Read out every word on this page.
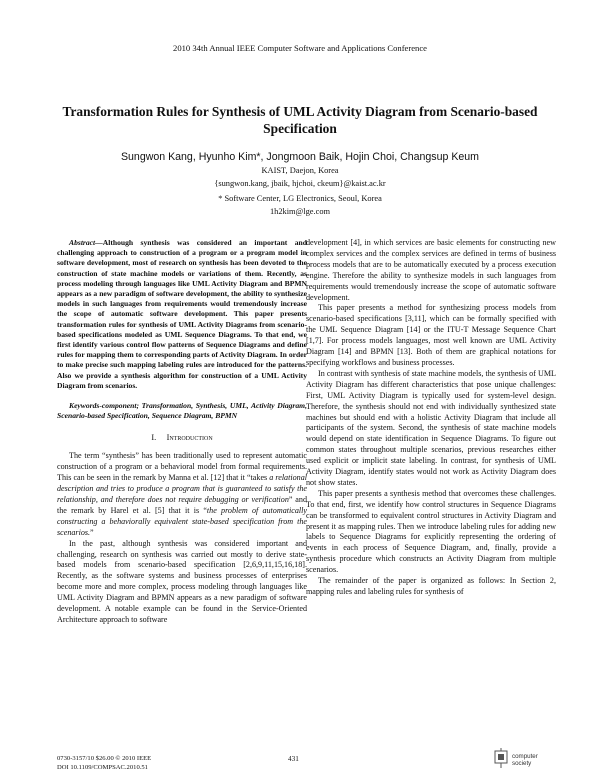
2010 34th Annual IEEE Computer Software and Applications Conference
Transformation Rules for Synthesis of UML Activity Diagram from Scenario-based
Specification
Sungwon Kang, Hyunho Kim*, Jongmoon Baik, Hojin Choi, Changsup Keum
KAIST, Daejon, Korea
{sungwon.kang, jbaik, hjchoi, ckeum}@kaist.ac.kr
* Software Center, LG Electronics, Seoul, Korea
1h2kim@lge.com

Abstract—Although synthesis was considered an important and challenging approach to construction of a program or a program model in software development, most of research on synthesis has been devoted to the construction of state machine models or variations of them. Recently, as process modeling through languages like UML Activity Diagram and BPMN appears as a new paradigm of software development, the ability to synthesize models in such languages from requirements would tremendously increase the scope of automatic software development. This paper presents transformation rules for synthesis of UML Activity Diagrams from scenario-based specifications modeled as UML Sequence Diagrams. To that end, we first identify various control flow patterns of Sequence Diagrams and define rules for mapping them to corresponding parts of Activity Diagram. In order to make precise such mapping labeling rules are introduced for the patterns. Also we provide a synthesis algorithm for construction of a UML Activity Diagram from scenarios.

Keywords-component; Transformation, Synthesis, UML, Activity Diagram, Scenario-based Specification, Sequence Diagram, BPMN

I. Introduction

The term “synthesis” has been traditionally used to represent automatic construction of a program or a behavioral model from formal requirements. This can be seen in the remark by Manna et al. [12] that it “takes a relational description and tries to produce a program that is guaranteed to satisfy the relationship, and therefore does not require debugging or verification” and the remark by Harel et al. [5] that it is “the problem of automatically constructing a behaviorally equivalent state-based specification from the scenarios.”

In the past, although synthesis was considered important and challenging, research on synthesis was carried out mostly to derive state-based models from scenario-based specification [2,6,9,11,15,16,18]. Recently, as the software systems and business processes of enterprises become more and more complex, process modeling through languages like UML Activity Diagram and BPMN appears as a new paradigm of software development. A notable example can be found in the Service-Oriented Architecture approach to software

development [4], in which services are basic elements for constructing new complex services and the complex services are defined in terms of business process models that are to be automatically executed by a process execution engine. Therefore the ability to synthesize models in such languages from requirements would tremendously increase the scope of automatic software development.

This paper presents a method for synthesizing process models from scenario-based specifications [3,11], which can be formally specified with the UML Sequence Diagram [14] or the ITU-T Message Sequence Chart [1,7]. For process models languages, most well known are UML Activity Diagram [14] and BPMN [13]. Both of them are graphical notations for specifying workflows and business processes.

In contrast with synthesis of state machine models, the synthesis of UML Activity Diagram has different characteristics that pose unique challenges: First, UML Activity Diagram is typically used for system-level design. Therefore, the synthesis should not end with individually synthesized state machines but should end with a holistic Activity Diagram that include all participants of the system. Second, the synthesis of state machine models would depend on state identification in Sequence Diagrams. To figure out common states throughout multiple scenarios, previous researches either used explicit or implicit state labeling. In contrast, for synthesis of UML Activity Diagram, identify states would not work as Activity Diagram does not show states.

This paper presents a synthesis method that overcomes these challenges. To that end, first, we identify how control structures in Sequence Diagrams can be transformed to equivalent control structures in Activity Diagram and present it as mapping rules. Then we introduce labeling rules for adding new labels to Sequence Diagrams for explicitly representing the ordering of events in each process of Sequence Diagram, and, finally, provide a synthesis procedure which constructs an Activity Diagram from multiple scenarios.

The remainder of the paper is organized as follows: In Section 2, mapping rules and labeling rules for synthesis of

0730-3157/10 $26.00 © 2010 IEEE
DOI 10.1109/COMPSAC.2010.51
431	computer
society
